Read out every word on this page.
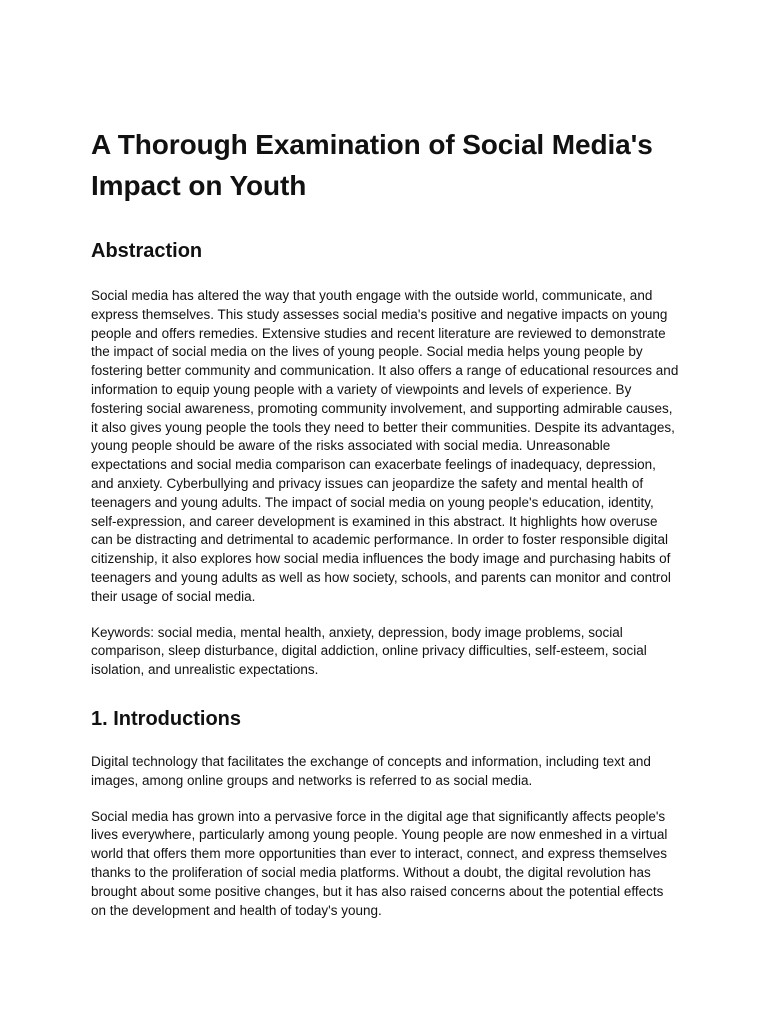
A Thorough Examination of Social Media's Impact on Youth
Abstraction

Social media has altered the way that youth engage with the outside world, communicate, and express themselves. This study assesses social media's positive and negative impacts on young people and offers remedies. Extensive studies and recent literature are reviewed to demonstrate the impact of social media on the lives of young people. Social media helps young people by fostering better community and communication. It also offers a range of educational resources and information to equip young people with a variety of viewpoints and levels of experience. By fostering social awareness, promoting community involvement, and supporting admirable causes, it also gives young people the tools they need to better their communities. Despite its advantages, young people should be aware of the risks associated with social media. Unreasonable expectations and social media comparison can exacerbate feelings of inadequacy, depression, and anxiety. Cyberbullying and privacy issues can jeopardize the safety and mental health of teenagers and young adults. The impact of social media on young people's education, identity, self-expression, and career development is examined in this abstract. It highlights how overuse can be distracting and detrimental to academic performance. In order to foster responsible digital citizenship, it also explores how social media influences the body image and purchasing habits of teenagers and young adults as well as how society, schools, and parents can monitor and control their usage of social media.

Keywords: social media, mental health, anxiety, depression, body image problems, social comparison, sleep disturbance, digital addiction, online privacy difficulties, self-esteem, social isolation, and unrealistic expectations.

1. Introductions

Digital technology that facilitates the exchange of concepts and information, including text and images, among online groups and networks is referred to as social media.

Social media has grown into a pervasive force in the digital age that significantly affects people's lives everywhere, particularly among young people. Young people are now enmeshed in a virtual world that offers them more opportunities than ever to interact, connect, and express themselves thanks to the proliferation of social media platforms. Without a doubt, the digital revolution has brought about some positive changes, but it has also raised concerns about the potential effects on the development and health of today's young.
